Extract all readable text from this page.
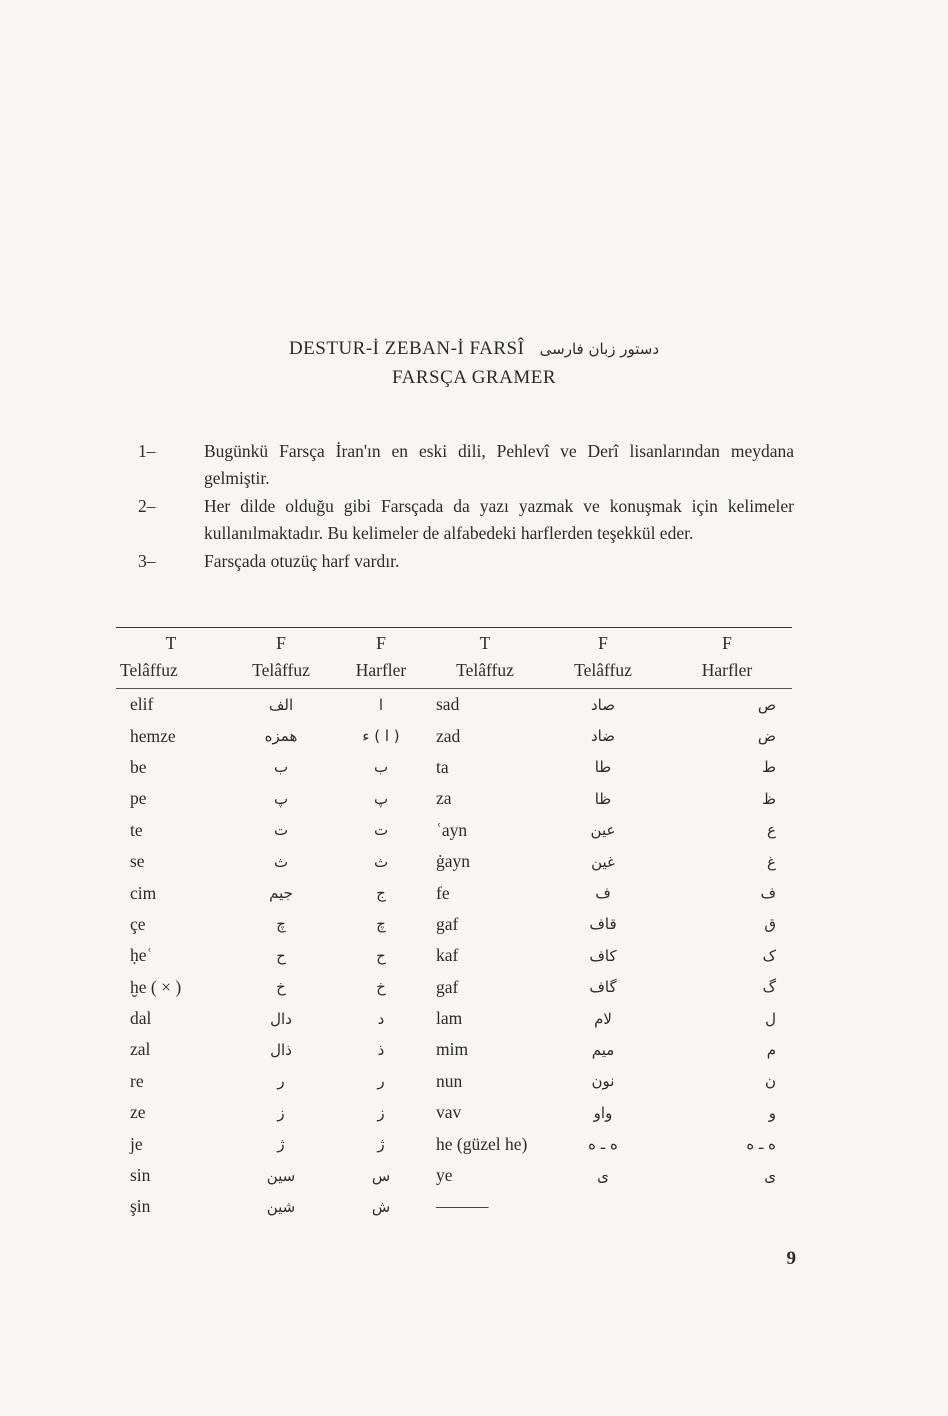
DESTUR-İ ZEBAN-İ FARSÎ دستور زبان فارسی
FARSÇA GRAMER
1–	Bugünkü Farsça İran'ın en eski dili, Pehlevî ve Derî lisanlarından meydana gelmiştir.
2–	Her dilde olduğu gibi Farsçada da yazı yazmak ve konuşmak için kelimeler kullanılmaktadır. Bu kelimeler de alfabedeki harflerden teşekkül eder.
3–	Farsçada otuzüç harf vardır.
T	F	F	T	F	F
Telâffuz	Telâffuz	Harfler	Telâffuz	Telâffuz	Harfler
elif	الف	ا	sad	صاد	ص
hemze	همزه	( ا ) ء	zad	ضاد	ض
be	ب	ب	ta	طا	ط
pe	پ	پ	za	ظا	ظ
te	ت	ت	ʿayn	عين	ع
se	ث	ث	ġayn	غين	غ
cim	جيم	ج	fe	ف	ف
çe	چ	چ	gaf	قاف	ق
ḥeʿ	ح	ح	kaf	كاف	ک
ḫe ( × )	خ	خ	gaf	گاف	گ
dal	دال	د	lam	لام	ل
zal	ذال	ذ	mim	ميم	م
re	ر	ر	nun	نون	ن
ze	ز	ز	vav	واو	و
je	ژ	ژ	he (güzel he)	ه ـ ه	ه ـ ه
sin	سين	س	ye	ی	ی
şin	شين	ش	———		
9
